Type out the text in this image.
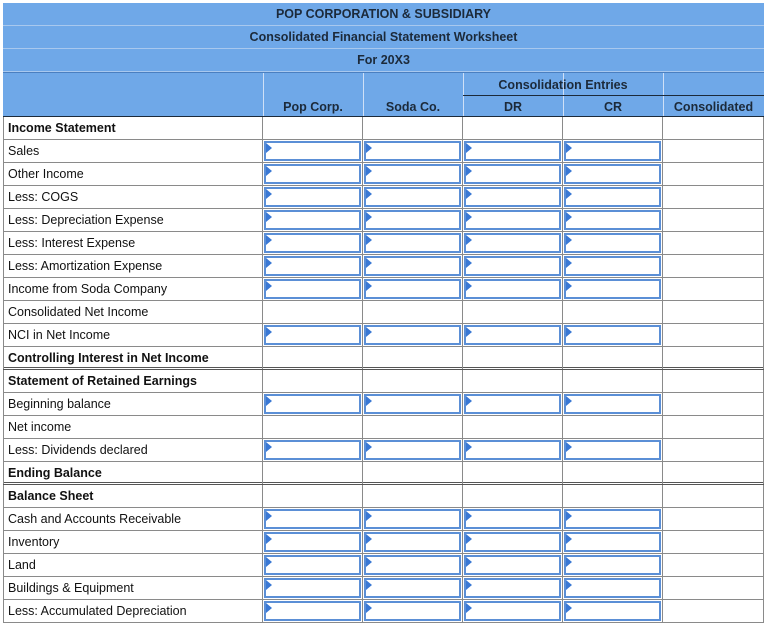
POP CORPORATION & SUBSIDIARY
Consolidated Financial Statement Worksheet
For 20X3
Consolidation Entries
Pop Corp.	Soda Co.	DR	CR	Consolidated
Income Statement
Sales
Other Income
Less: COGS
Less: Depreciation Expense
Less: Interest Expense
Less: Amortization Expense
Income from Soda Company
Consolidated Net Income
NCI in Net Income
Controlling Interest in Net Income
Statement of Retained Earnings
Beginning balance
Net income
Less: Dividends declared
Ending Balance
Balance Sheet
Cash and Accounts Receivable
Inventory
Land
Buildings & Equipment
Less: Accumulated Depreciation
